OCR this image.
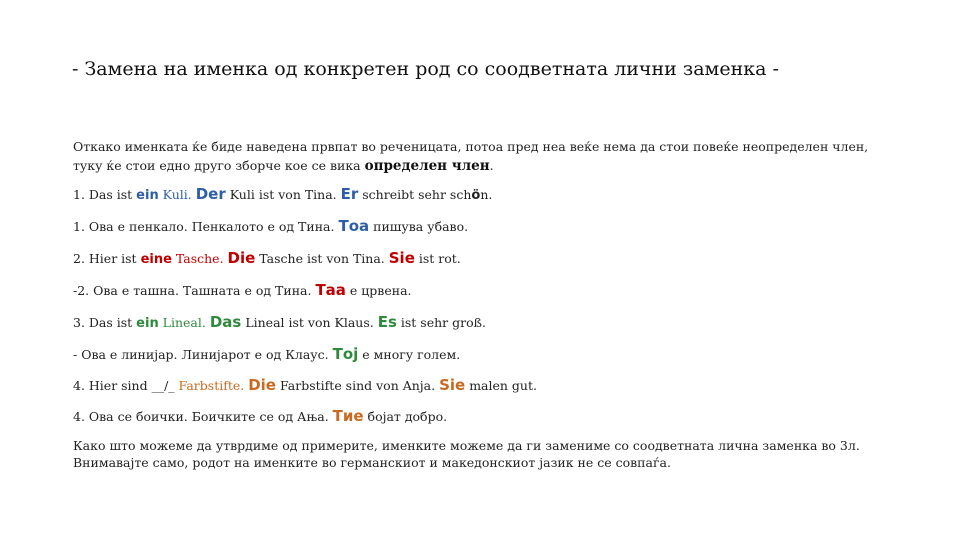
- Замена на именка од конкретен род со соодветната лични заменка -
Откако именката ќе биде наведена првпат во реченицата, потоа пред неа веќе нема да стои повеќе неопределен член, туку ќе стои едно друго зборче кое се вика определен член.
1. Das ist ein Kuli. Der Kuli ist von Tina. Er schreibt sehr schön.
1. Ова е пенкало. Пенкалото е од Тина. Тоа пишува убаво.
2. Hier ist eine Tasche. Die Tasche ist von Tina. Sie ist rot.
-2. Ова е ташна. Ташната е од Тина. Таа е црвена.
3. Das ist ein Lineal. Das Lineal ist von Klaus. Es ist sehr groß.
- Ова е линијар. Линијарот е од Клаус. Тој е многу голем.
4. Hier sind __/_ Farbstifte. Die Farbstifte sind von Anja. Sie malen gut.
4. Ова се боички. Боичките се од Ања. Тие бојат добро.
Како што можеме да утврдиме од примерите, именките можеме да ги замениме со соодветната лична заменка во 3л. Внимавајте само, родот на именките во германскиот и македонскиот јазик не се совпаѓа.
